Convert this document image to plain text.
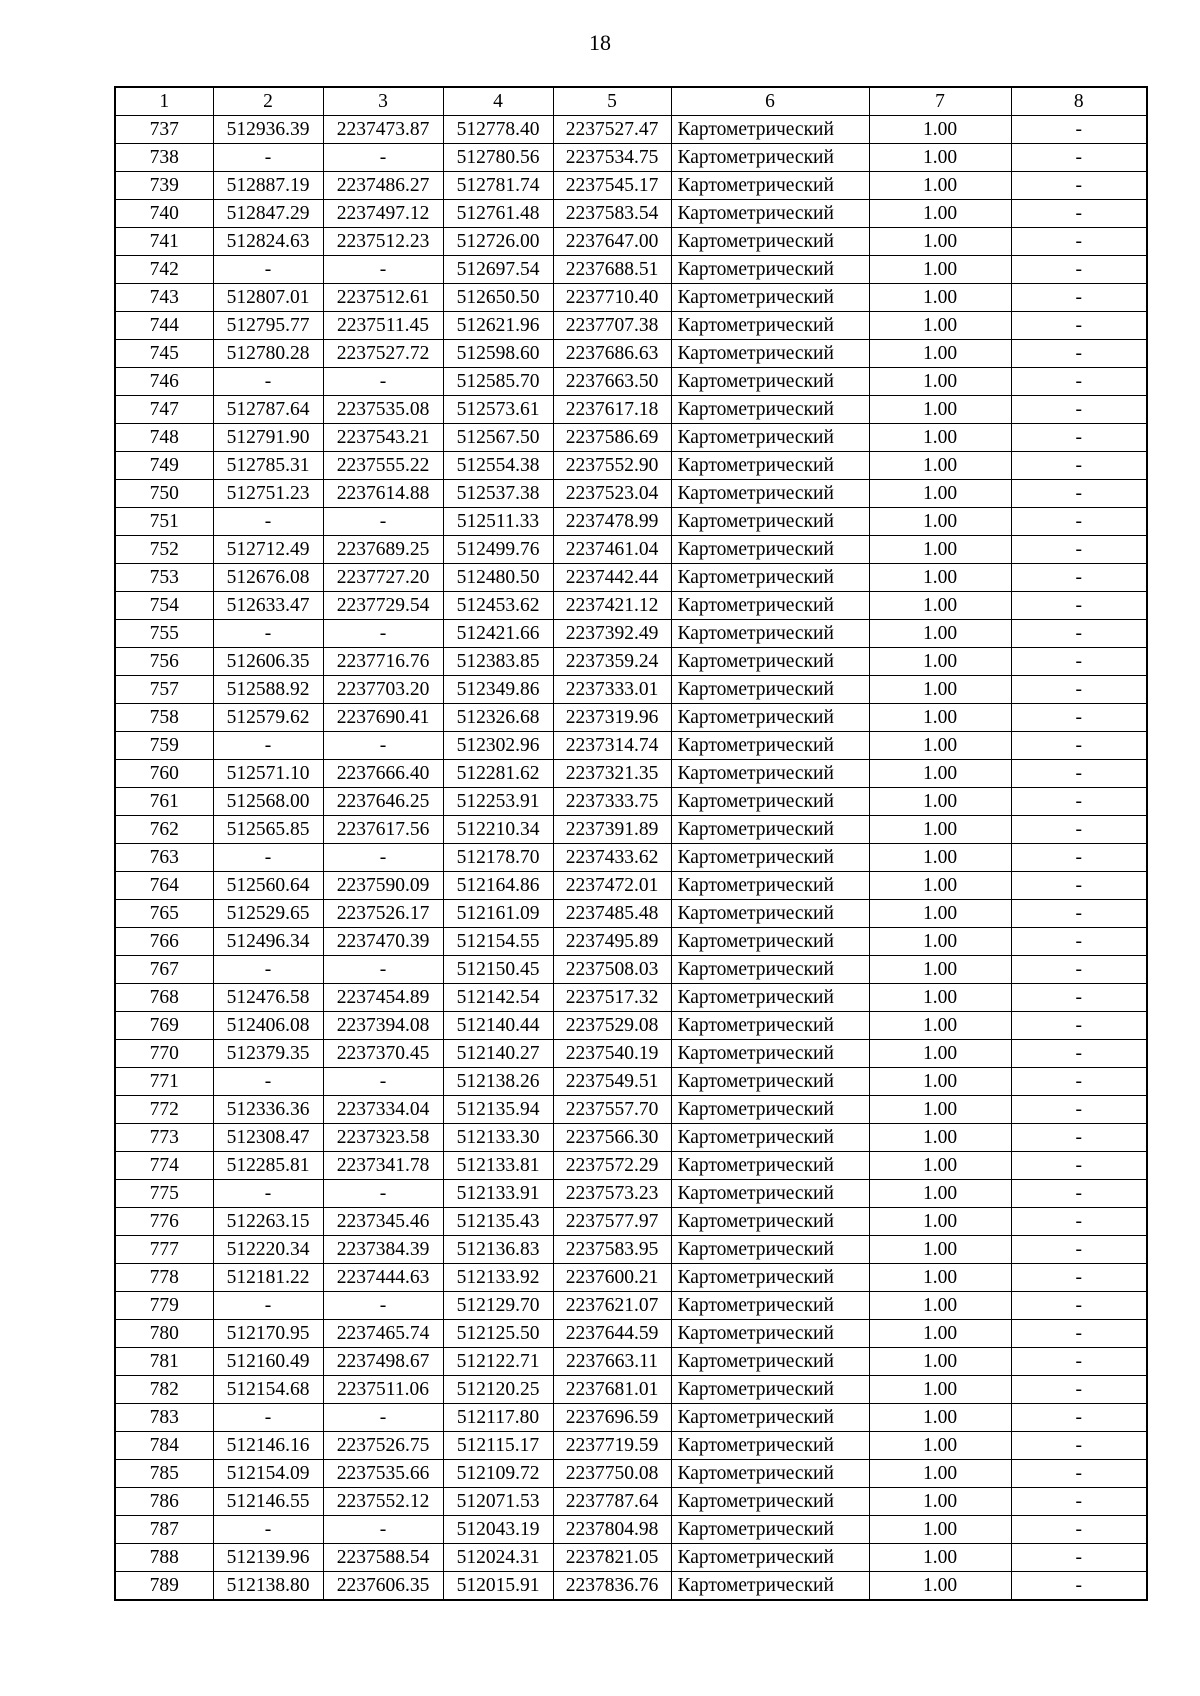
18
1	2	3	4	5	6	7	8
737	512936.39	2237473.87	512778.40	2237527.47	Картометрический	1.00	-
738	-	-	512780.56	2237534.75	Картометрический	1.00	-
739	512887.19	2237486.27	512781.74	2237545.17	Картометрический	1.00	-
740	512847.29	2237497.12	512761.48	2237583.54	Картометрический	1.00	-
741	512824.63	2237512.23	512726.00	2237647.00	Картометрический	1.00	-
742	-	-	512697.54	2237688.51	Картометрический	1.00	-
743	512807.01	2237512.61	512650.50	2237710.40	Картометрический	1.00	-
744	512795.77	2237511.45	512621.96	2237707.38	Картометрический	1.00	-
745	512780.28	2237527.72	512598.60	2237686.63	Картометрический	1.00	-
746	-	-	512585.70	2237663.50	Картометрический	1.00	-
747	512787.64	2237535.08	512573.61	2237617.18	Картометрический	1.00	-
748	512791.90	2237543.21	512567.50	2237586.69	Картометрический	1.00	-
749	512785.31	2237555.22	512554.38	2237552.90	Картометрический	1.00	-
750	512751.23	2237614.88	512537.38	2237523.04	Картометрический	1.00	-
751	-	-	512511.33	2237478.99	Картометрический	1.00	-
752	512712.49	2237689.25	512499.76	2237461.04	Картометрический	1.00	-
753	512676.08	2237727.20	512480.50	2237442.44	Картометрический	1.00	-
754	512633.47	2237729.54	512453.62	2237421.12	Картометрический	1.00	-
755	-	-	512421.66	2237392.49	Картометрический	1.00	-
756	512606.35	2237716.76	512383.85	2237359.24	Картометрический	1.00	-
757	512588.92	2237703.20	512349.86	2237333.01	Картометрический	1.00	-
758	512579.62	2237690.41	512326.68	2237319.96	Картометрический	1.00	-
759	-	-	512302.96	2237314.74	Картометрический	1.00	-
760	512571.10	2237666.40	512281.62	2237321.35	Картометрический	1.00	-
761	512568.00	2237646.25	512253.91	2237333.75	Картометрический	1.00	-
762	512565.85	2237617.56	512210.34	2237391.89	Картометрический	1.00	-
763	-	-	512178.70	2237433.62	Картометрический	1.00	-
764	512560.64	2237590.09	512164.86	2237472.01	Картометрический	1.00	-
765	512529.65	2237526.17	512161.09	2237485.48	Картометрический	1.00	-
766	512496.34	2237470.39	512154.55	2237495.89	Картометрический	1.00	-
767	-	-	512150.45	2237508.03	Картометрический	1.00	-
768	512476.58	2237454.89	512142.54	2237517.32	Картометрический	1.00	-
769	512406.08	2237394.08	512140.44	2237529.08	Картометрический	1.00	-
770	512379.35	2237370.45	512140.27	2237540.19	Картометрический	1.00	-
771	-	-	512138.26	2237549.51	Картометрический	1.00	-
772	512336.36	2237334.04	512135.94	2237557.70	Картометрический	1.00	-
773	512308.47	2237323.58	512133.30	2237566.30	Картометрический	1.00	-
774	512285.81	2237341.78	512133.81	2237572.29	Картометрический	1.00	-
775	-	-	512133.91	2237573.23	Картометрический	1.00	-
776	512263.15	2237345.46	512135.43	2237577.97	Картометрический	1.00	-
777	512220.34	2237384.39	512136.83	2237583.95	Картометрический	1.00	-
778	512181.22	2237444.63	512133.92	2237600.21	Картометрический	1.00	-
779	-	-	512129.70	2237621.07	Картометрический	1.00	-
780	512170.95	2237465.74	512125.50	2237644.59	Картометрический	1.00	-
781	512160.49	2237498.67	512122.71	2237663.11	Картометрический	1.00	-
782	512154.68	2237511.06	512120.25	2237681.01	Картометрический	1.00	-
783	-	-	512117.80	2237696.59	Картометрический	1.00	-
784	512146.16	2237526.75	512115.17	2237719.59	Картометрический	1.00	-
785	512154.09	2237535.66	512109.72	2237750.08	Картометрический	1.00	-
786	512146.55	2237552.12	512071.53	2237787.64	Картометрический	1.00	-
787	-	-	512043.19	2237804.98	Картометрический	1.00	-
788	512139.96	2237588.54	512024.31	2237821.05	Картометрический	1.00	-
789	512138.80	2237606.35	512015.91	2237836.76	Картометрический	1.00	-
